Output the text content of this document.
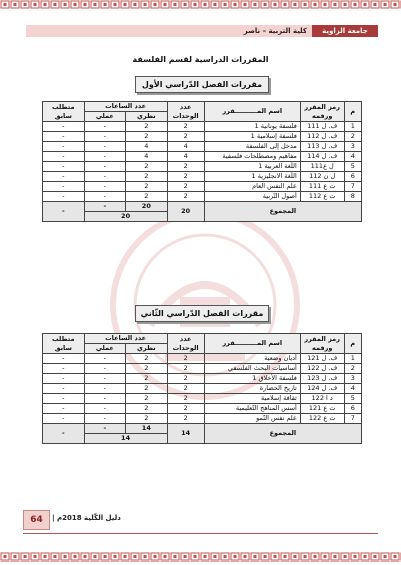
كلية التربية – ناصر	جامعة الزاوية
المقررات الدراسية لقسم الفلسفة
مقررات الفصل الدّراسي الأول
م	رمز المقرر ورقمه	اسم المــــــــــقرر	عدد الوحدات	عدد الساعات		متطلب سابق
				نظري	عملي	
1	ف. ل 111	فلسفة يونانية 1	2	2	-	-
2	ف. ل 112	فلسفة إسلامية 1	2	2	-	-
3	ف. ل 113	مدخل إلى الفلسفة	4	4	-	-
4	ف. ل 114	مفاهيم ومصطلحات فلسفية	4	4	-	-
5	ل ع111	اللّغة العربية 1	2	2	-	-
6	ل ن 112	اللّغة الانجليزية 1	2	2	-	-
7	ت ع 111	علم النفس العام	2	2	-	-
8	ت ع 112	أصول التّربية	2	2	-	-
المجموع			20	20	-	-
				20		
مقررات الفصل الدّراسي الثّاني
م	رمز المقرر ورقمه	اسم المــــــــــقرر	عدد الوحدات	عدد الساعات		متطلب سابق
				نظري	عملي	
1	ف. ل 121	أديان وضعية	2	2	-	-
2	ف. ل 122	أساسيات البحث الفلسفي	2	2	-	-
3	ف. ل 123	فلسفة الأخلاق 1	2	2	-	-
4	ف. ل 124	تاريخ الحضارة	2	2	-	-
5	د ا 122	ثقافة إسلامية	2	2	-	-
6	ت ع 121	أسس المناهج التّعليمية	2	2	-	-
7	ت ع 122	علم نفس النّمو	2	2	-	-
المجموع			14	14	-	-
				14		
64	دليل الكّلية 2018م |
